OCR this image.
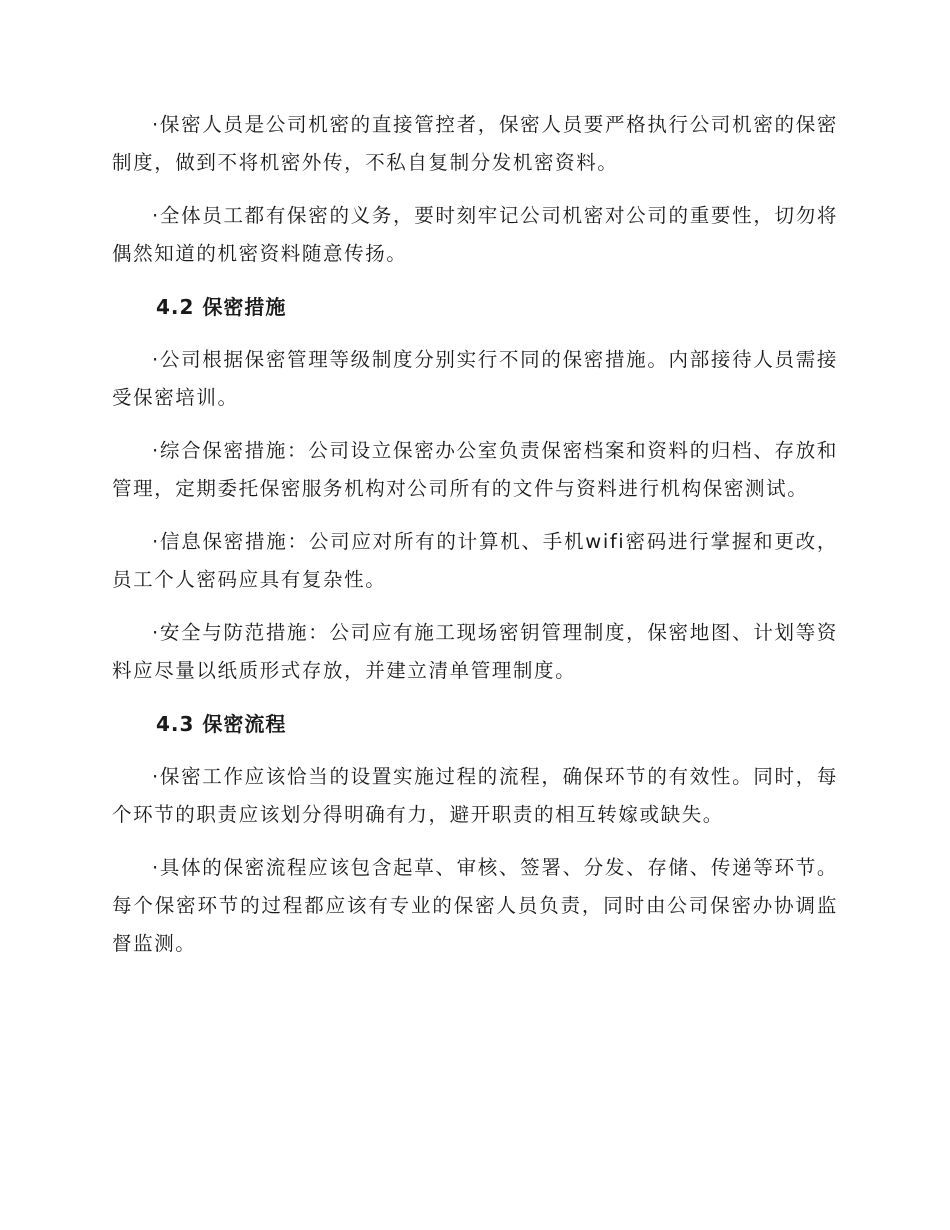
·保密人员是公司机密的直接管控者，保密人员要严格执行公司机密的保密制度，做到不将机密外传，不私自复制分发机密资料。

·全体员工都有保密的义务，要时刻牢记公司机密对公司的重要性，切勿将偶然知道的机密资料随意传扬。

4.2 保密措施

·公司根据保密管理等级制度分别实行不同的保密措施。内部接待人员需接受保密培训。

·综合保密措施：公司设立保密办公室负责保密档案和资料的归档、存放和管理，定期委托保密服务机构对公司所有的文件与资料进行机构保密测试。

·信息保密措施：公司应对所有的计算机、手机wifi密码进行掌握和更改，员工个人密码应具有复杂性。

·安全与防范措施：公司应有施工现场密钥管理制度，保密地图、计划等资料应尽量以纸质形式存放，并建立清单管理制度。

4.3 保密流程

·保密工作应该恰当的设置实施过程的流程，确保环节的有效性。同时，每个环节的职责应该划分得明确有力，避开职责的相互转嫁或缺失。

·具体的保密流程应该包含起草、审核、签署、分发、存储、传递等环节。每个保密环节的过程都应该有专业的保密人员负责，同时由公司保密办协调监督监测。
